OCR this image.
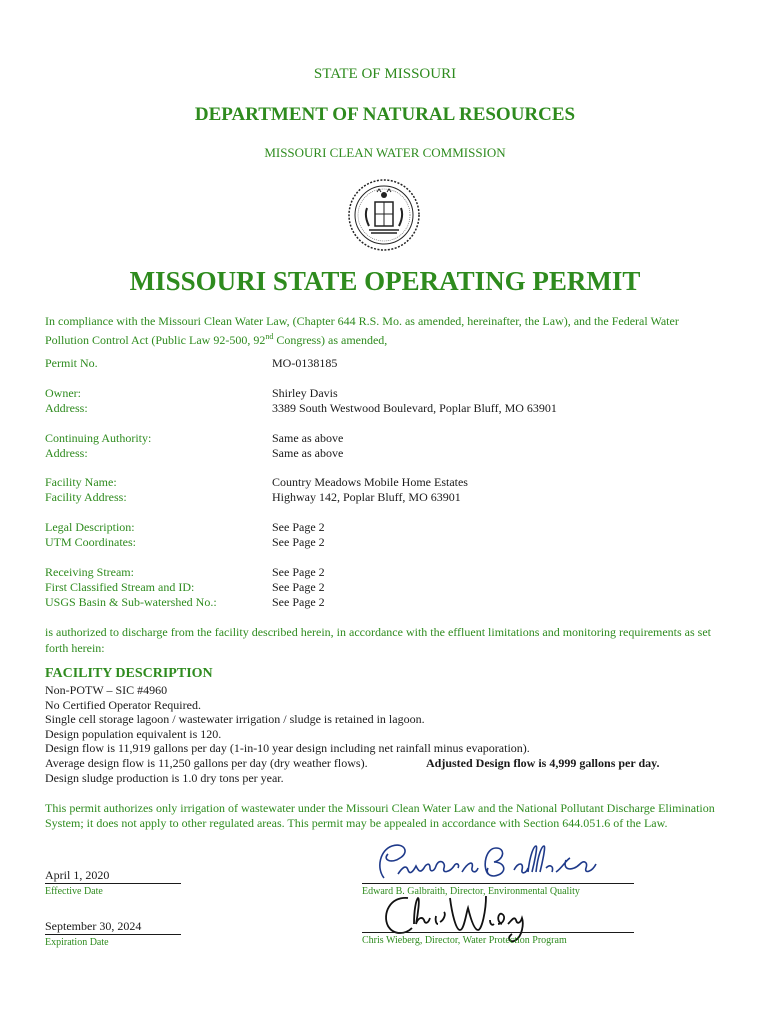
STATE OF MISSOURI
DEPARTMENT OF NATURAL RESOURCES
MISSOURI CLEAN WATER COMMISSION
MISSOURI STATE OPERATING PERMIT
In compliance with the Missouri Clean Water Law, (Chapter 644 R.S. Mo. as amended, hereinafter, the Law), and the Federal Water Pollution Control Act (Public Law 92-500, 92nd Congress) as amended,
Permit No.	MO-0138185
Owner:	Shirley Davis
Address:	3389 South Westwood Boulevard, Poplar Bluff, MO 63901
Continuing Authority:	Same as above
Address:	Same as above
Facility Name:	Country Meadows Mobile Home Estates
Facility Address:	Highway 142, Poplar Bluff, MO 63901
Legal Description:	See Page 2
UTM Coordinates:	See Page 2
Receiving Stream:	See Page 2
First Classified Stream and ID:	See Page 2
USGS Basin & Sub-watershed No.:	See Page 2
is authorized to discharge from the facility described herein, in accordance with the effluent limitations and monitoring requirements as set forth herein:
FACILITY DESCRIPTION
Non-POTW – SIC #4960
No Certified Operator Required.
Single cell storage lagoon / wastewater irrigation / sludge is retained in lagoon.
Design population equivalent is 120.
Design flow is 11,919 gallons per day (1-in-10 year design including net rainfall minus evaporation).
Average design flow is 11,250 gallons per day (dry weather flows).	Adjusted Design flow is 4,999 gallons per day.
Design sludge production is 1.0 dry tons per year.
This permit authorizes only irrigation of wastewater under the Missouri Clean Water Law and the National Pollutant Discharge Elimination System; it does not apply to other regulated areas. This permit may be appealed in accordance with Section 644.051.6 of the Law.
April 1, 2020
Effective Date	Edward B. Galbraith, Director, Environmental Quality
September 30, 2024
Expiration Date	Chris Wieberg, Director, Water Protection Program
